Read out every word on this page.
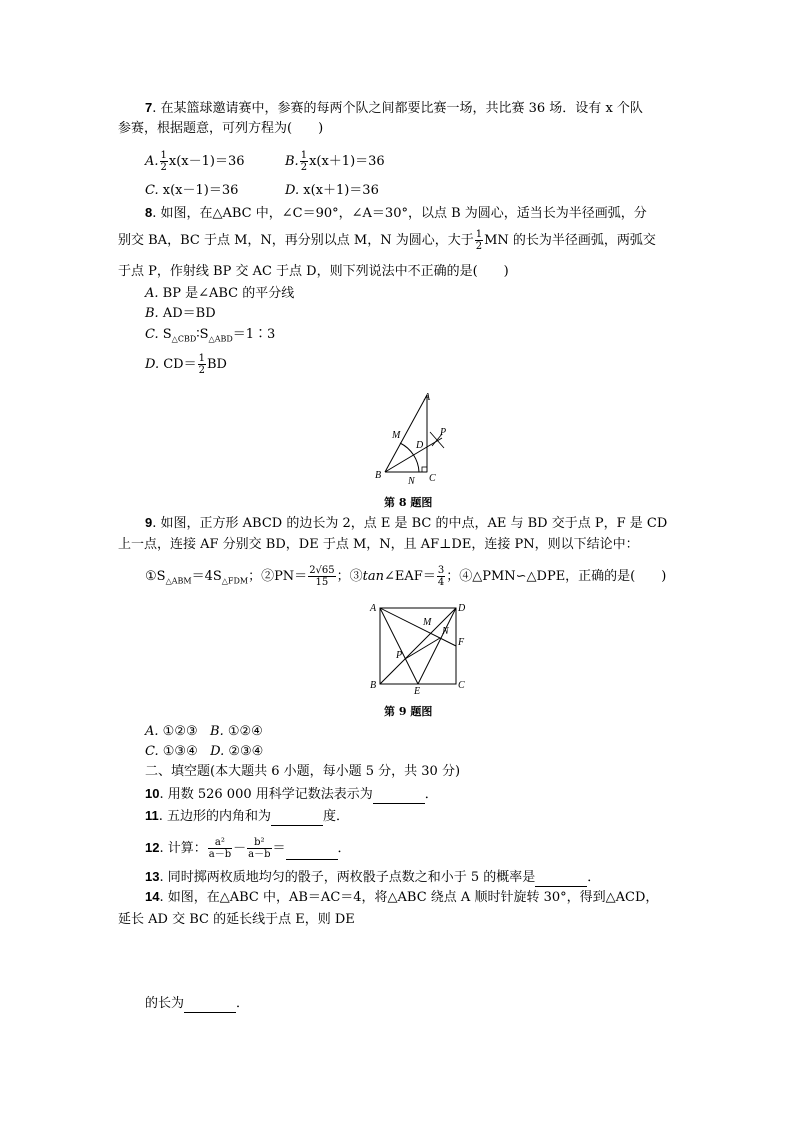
7. 在某篮球邀请赛中，参赛的每两个队之间都要比赛一场，共比赛 36 场．设有 x 个队
参赛，根据题意，可列方程为(　　)
A. $\frac{1}{2} x(x-1)=36$	B. $\frac{1}{2} x(x+1)=36$
C. x(x－1)＝36	D. x(x＋1)＝36
8. 如图，在△ABC 中，∠C＝90°，∠A＝30°，以点 B 为圆心，适当长为半径画弧，分
别交 BA，BC 于点 M，N，再分别以点 M，N 为圆心，大于 $\frac{1}{2}$ MN 的长为半径画弧，两弧交
于点 P，作射线 BP 交 AC 于点 D，则下列说法中不正确的是(　　)
A. BP 是∠ABC 的平分线
B. AD＝BD
C. $S_{\triangle CBD}∶S_{\triangle ABD}=1∶3$
D. $CD= \frac{1}{2}$ BD
A
M
D
P
B
N C
第 8 题图
9. 如图，正方形 ABCD 的边长为 2，点 E 是 BC 的中点，AE 与 BD 交于点 P，F 是 CD
上一点，连接 AF 分别交 BD，DE 于点 M，N，且 AF⊥DE，连接 PN，则以下结论中：
$①S_{\triangle ABM}=4S_{\triangle FDM}$；②PN＝ $\frac{2√65}{15}$ ；③tan∠EAF＝ $\frac{3}{4}$ ；④△PMN∽△DPE，正确的是(　　)
A	D
M
N
F
P
B
E
C
第 9 题图
A. ①②③ B. ①②④
C. ①③④ D. ②③④
二、填空题(本大题共 6 小题，每小题 5 分，共 30 分)
10. 用数 526 000 用科学记数法表示为	．
11. 五边形的内角和为	度．
12. 计算： $\frac{\text{a²}}{a-b} - \frac{\text{b²}}{a-b}$ ＝	．
13. 同时掷两枚质地均匀的骰子，两枚骰子点数之和小于 5 的概率是	．
14. 如图，在△ABC 中，AB＝AC＝4，将△ABC 绕点 A 顺时针旋转 30°，得到△ACD，
延长 AD 交 BC 的延长线于点 E，则 DE
的长为	．
